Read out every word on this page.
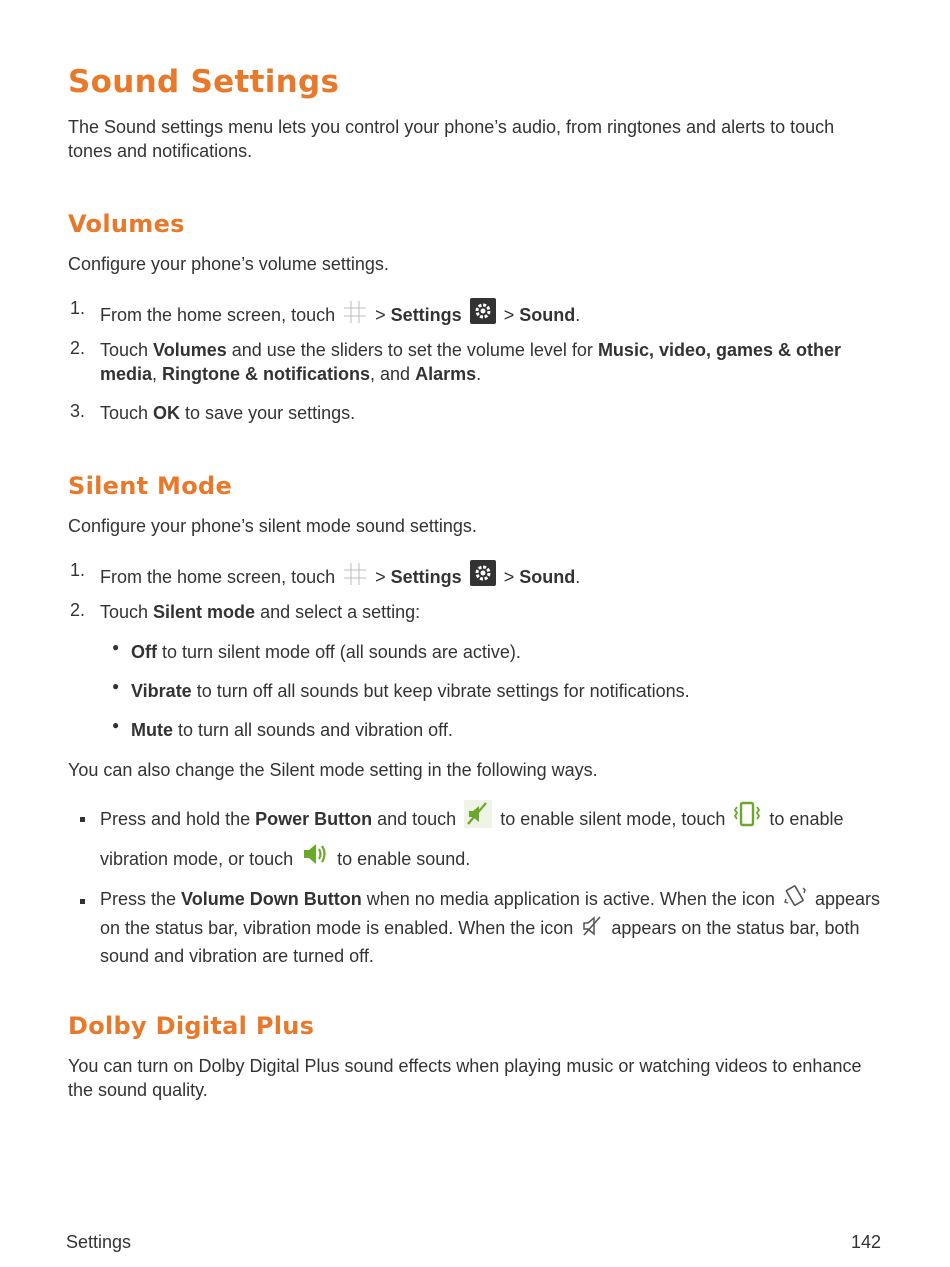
Sound Settings

The Sound settings menu lets you control your phone’s audio, from ringtones and alerts to touch tones and notifications.

Volumes

Configure your phone’s volume settings.

1. From the home screen, touch > Settings > Sound.
2. Touch Volumes and use the sliders to set the volume level for Music, video, games & other media, Ringtone & notifications, and Alarms.
3. Touch OK to save your settings.
Silent Mode

Configure your phone’s silent mode sound settings.

1. From the home screen, touch > Settings > Sound.
2. Touch Silent mode and select a setting:
● Off to turn silent mode off (all sounds are active).
● Vibrate to turn off all sounds but keep vibrate settings for notifications.
● Mute to turn all sounds and vibration off.

You can also change the Silent mode setting in the following ways.

Press and hold the Power Button and touch to enable silent mode, touch to enable vibration mode, or touch to enable sound.
Press the Volume Down Button when no media application is active. When the icon appears on the status bar, vibration mode is enabled. When the icon appears on the status bar, both sound and vibration are turned off.
Dolby Digital Plus

You can turn on Dolby Digital Plus sound effects when playing music or watching videos to enhance the sound quality.

Settings	142
